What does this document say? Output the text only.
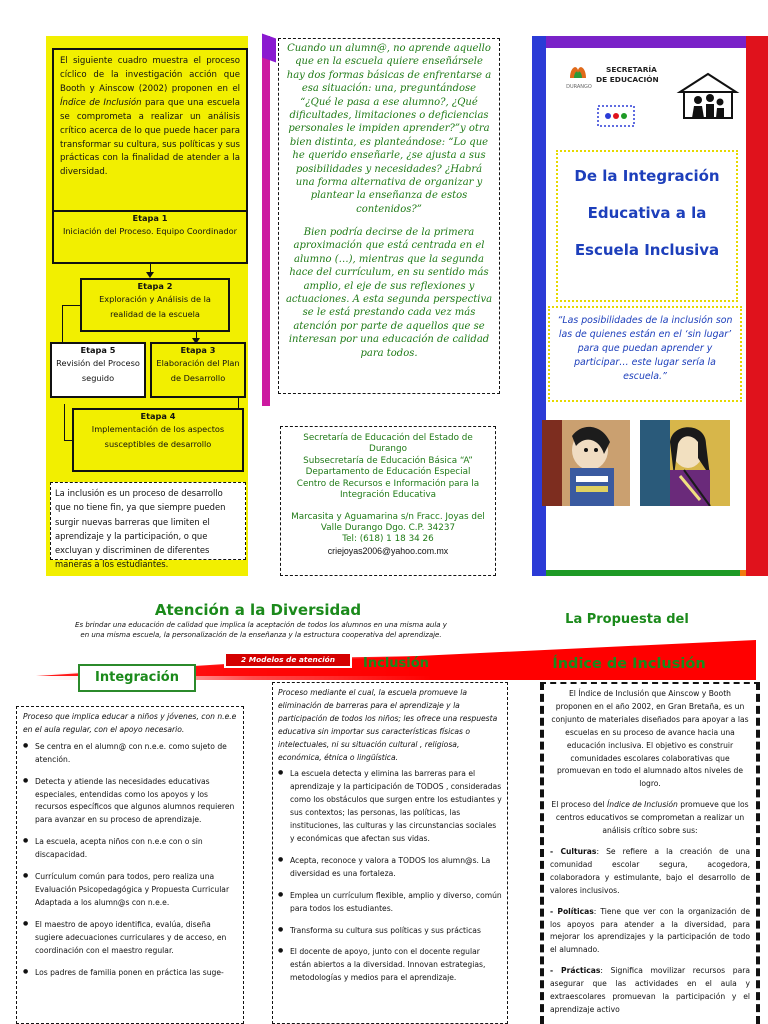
El siguiente cuadro muestra el proceso cíclico de la investigación acción que Booth y Ainscow (2002) proponen en el Índice de Inclusión para que una escuela se comprometa a realizar un análisis crítico acerca de lo que puede hacer para transformar su cultura, sus políticas y sus prácticas con la finalidad de atender a la diversidad.
Etapa 1
Iniciación del Proceso. Equipo Coordinador
Etapa 2
Exploración y Análisis de la realidad de la escuela
Etapa 5
Revisión del Proceso seguido
Etapa 3
Elaboración del Plan de Desarrollo
Etapa 4
Implementación de los aspectos susceptibles de desarrollo
La inclusión es un proceso de desarrollo que no tiene fin, ya que siempre pueden surgir nuevas barreras que limiten el aprendizaje y la participación, o que excluyan y discriminen de diferentes maneras a los estudiantes.

Cuando un alumn@, no aprende aquello que en la escuela quiere enseñársele hay dos formas básicas de enfrentarse a esa situación: una, preguntándose “¿Qué le pasa a ese alumno?, ¿Qué dificultades, limitaciones o deficiencias personales le impiden aprender?”y otra bien distinta, es planteándose: “Lo que he querido enseñarle, ¿se ajusta a sus posibilidades y necesidades? ¿Habrá una forma alternativa de organizar y plantear la enseñanza de estos contenidos?”

Bien podría decirse de la primera aproximación que está centrada en el alumno (…), mientras que la segunda hace del currículum, en su sentido más amplio, el eje de sus reflexiones y actuaciones. A esta segunda perspectiva se le está prestando cada vez más atención por parte de aquellos que se interesan por una educación de calidad para todos.

Secretaría de Educación del Estado de Durango
Subsecretaría de Educación Básica “A”
Departamento de Educación Especial
Centro de Recursos e Información para la Integración Educativa
Marcasita y Aguamarina s/n Fracc. Joyas del Valle Durango Dgo. C.P. 34237
Tel: (618) 1 18 34 26
criejoyas2006@yahoo.com.mx
DURANGO
SECRETARÍA
DE EDUCACIÓN
De la Integración
Educativa a la
Escuela Inclusiva
“Las posibilidades de la inclusión son las de quienes están en el ‘sin lugar’ para que puedan aprender y participar… este lugar sería la escuela.”
Atención a la Diversidad
Es brindar una educación de calidad que implica la aceptación de todos los alumnos en una misma aula y en una misma escuela, la personalización de la enseñanza y la estructura cooperativa del aprendizaje.
La Propuesta del
2 Modelos de atención
Integración
Inclusión	Índice de Inclusión
Proceso que implica educar a niños y jóvenes, con n.e.e en el aula regular, con el apoyo necesario.
● Se centra en el alumn@ con n.e.e. como sujeto de atención.
● Detecta y atiende las necesidades educativas especiales, entendidas como los apoyos y los recursos específicos que algunos alumnos requieren para avanzar en su proceso de aprendizaje.
● La escuela, acepta niños con n.e.e con o sin discapacidad.
● Currículum común para todos, pero realiza una Evaluación Psicopedagógica y Propuesta Curricular Adaptada a los alumn@s con n.e.e.
● El maestro de apoyo identifica, evalúa, diseña sugiere adecuaciones curriculares y de acceso, en coordinación con el maestro regular.
● Los padres de familia ponen en práctica las suge-
Proceso mediante el cual, la escuela promueve la eliminación de barreras para el aprendizaje y la participación de todos los niños; les ofrece una respuesta educativa sin importar sus características físicas o intelectuales, ni su situación cultural , religiosa, económica, étnica o lingüística.
● La escuela detecta y elimina las barreras para el aprendizaje y la participación de TODOS , consideradas como los obstáculos que surgen entre los estudiantes y sus contextos; las personas, las políticas, las instituciones, las culturas y las circunstancias sociales y económicas que afectan sus vidas.
● Acepta, reconoce y valora a TODOS los alumn@s. La diversidad es una fortaleza.
● Emplea un currículum flexible, amplio y diverso, común para todos los estudiantes.
● Transforma su cultura sus políticas y sus prácticas
● El docente de apoyo, junto con el docente regular están abiertos a la diversidad. Innovan estrategias, metodologías y medios para el aprendizaje.

El Índice de Inclusión que Ainscow y Booth proponen en el año 2002, en Gran Bretaña, es un conjunto de materiales diseñados para apoyar a las escuelas en su proceso de avance hacia una educación inclusiva. El objetivo es construir comunidades escolares colaborativas que promuevan en todo el alumnado altos niveles de logro.

El proceso del Índice de Inclusión promueve que los centros educativos se comprometan a realizar un análisis crítico sobre sus:

- Culturas: Se refiere a la creación de una comunidad escolar segura, acogedora, colaboradora y estimulante, bajo el desarrollo de valores inclusivos.

- Políticas: Tiene que ver con la organización de los apoyos para atender a la diversidad, para mejorar los aprendizajes y la participación de todo el alumnado.

- Prácticas: Significa movilizar recursos para asegurar que las actividades en el aula y extraescolares promuevan la participación y el aprendizaje activo
